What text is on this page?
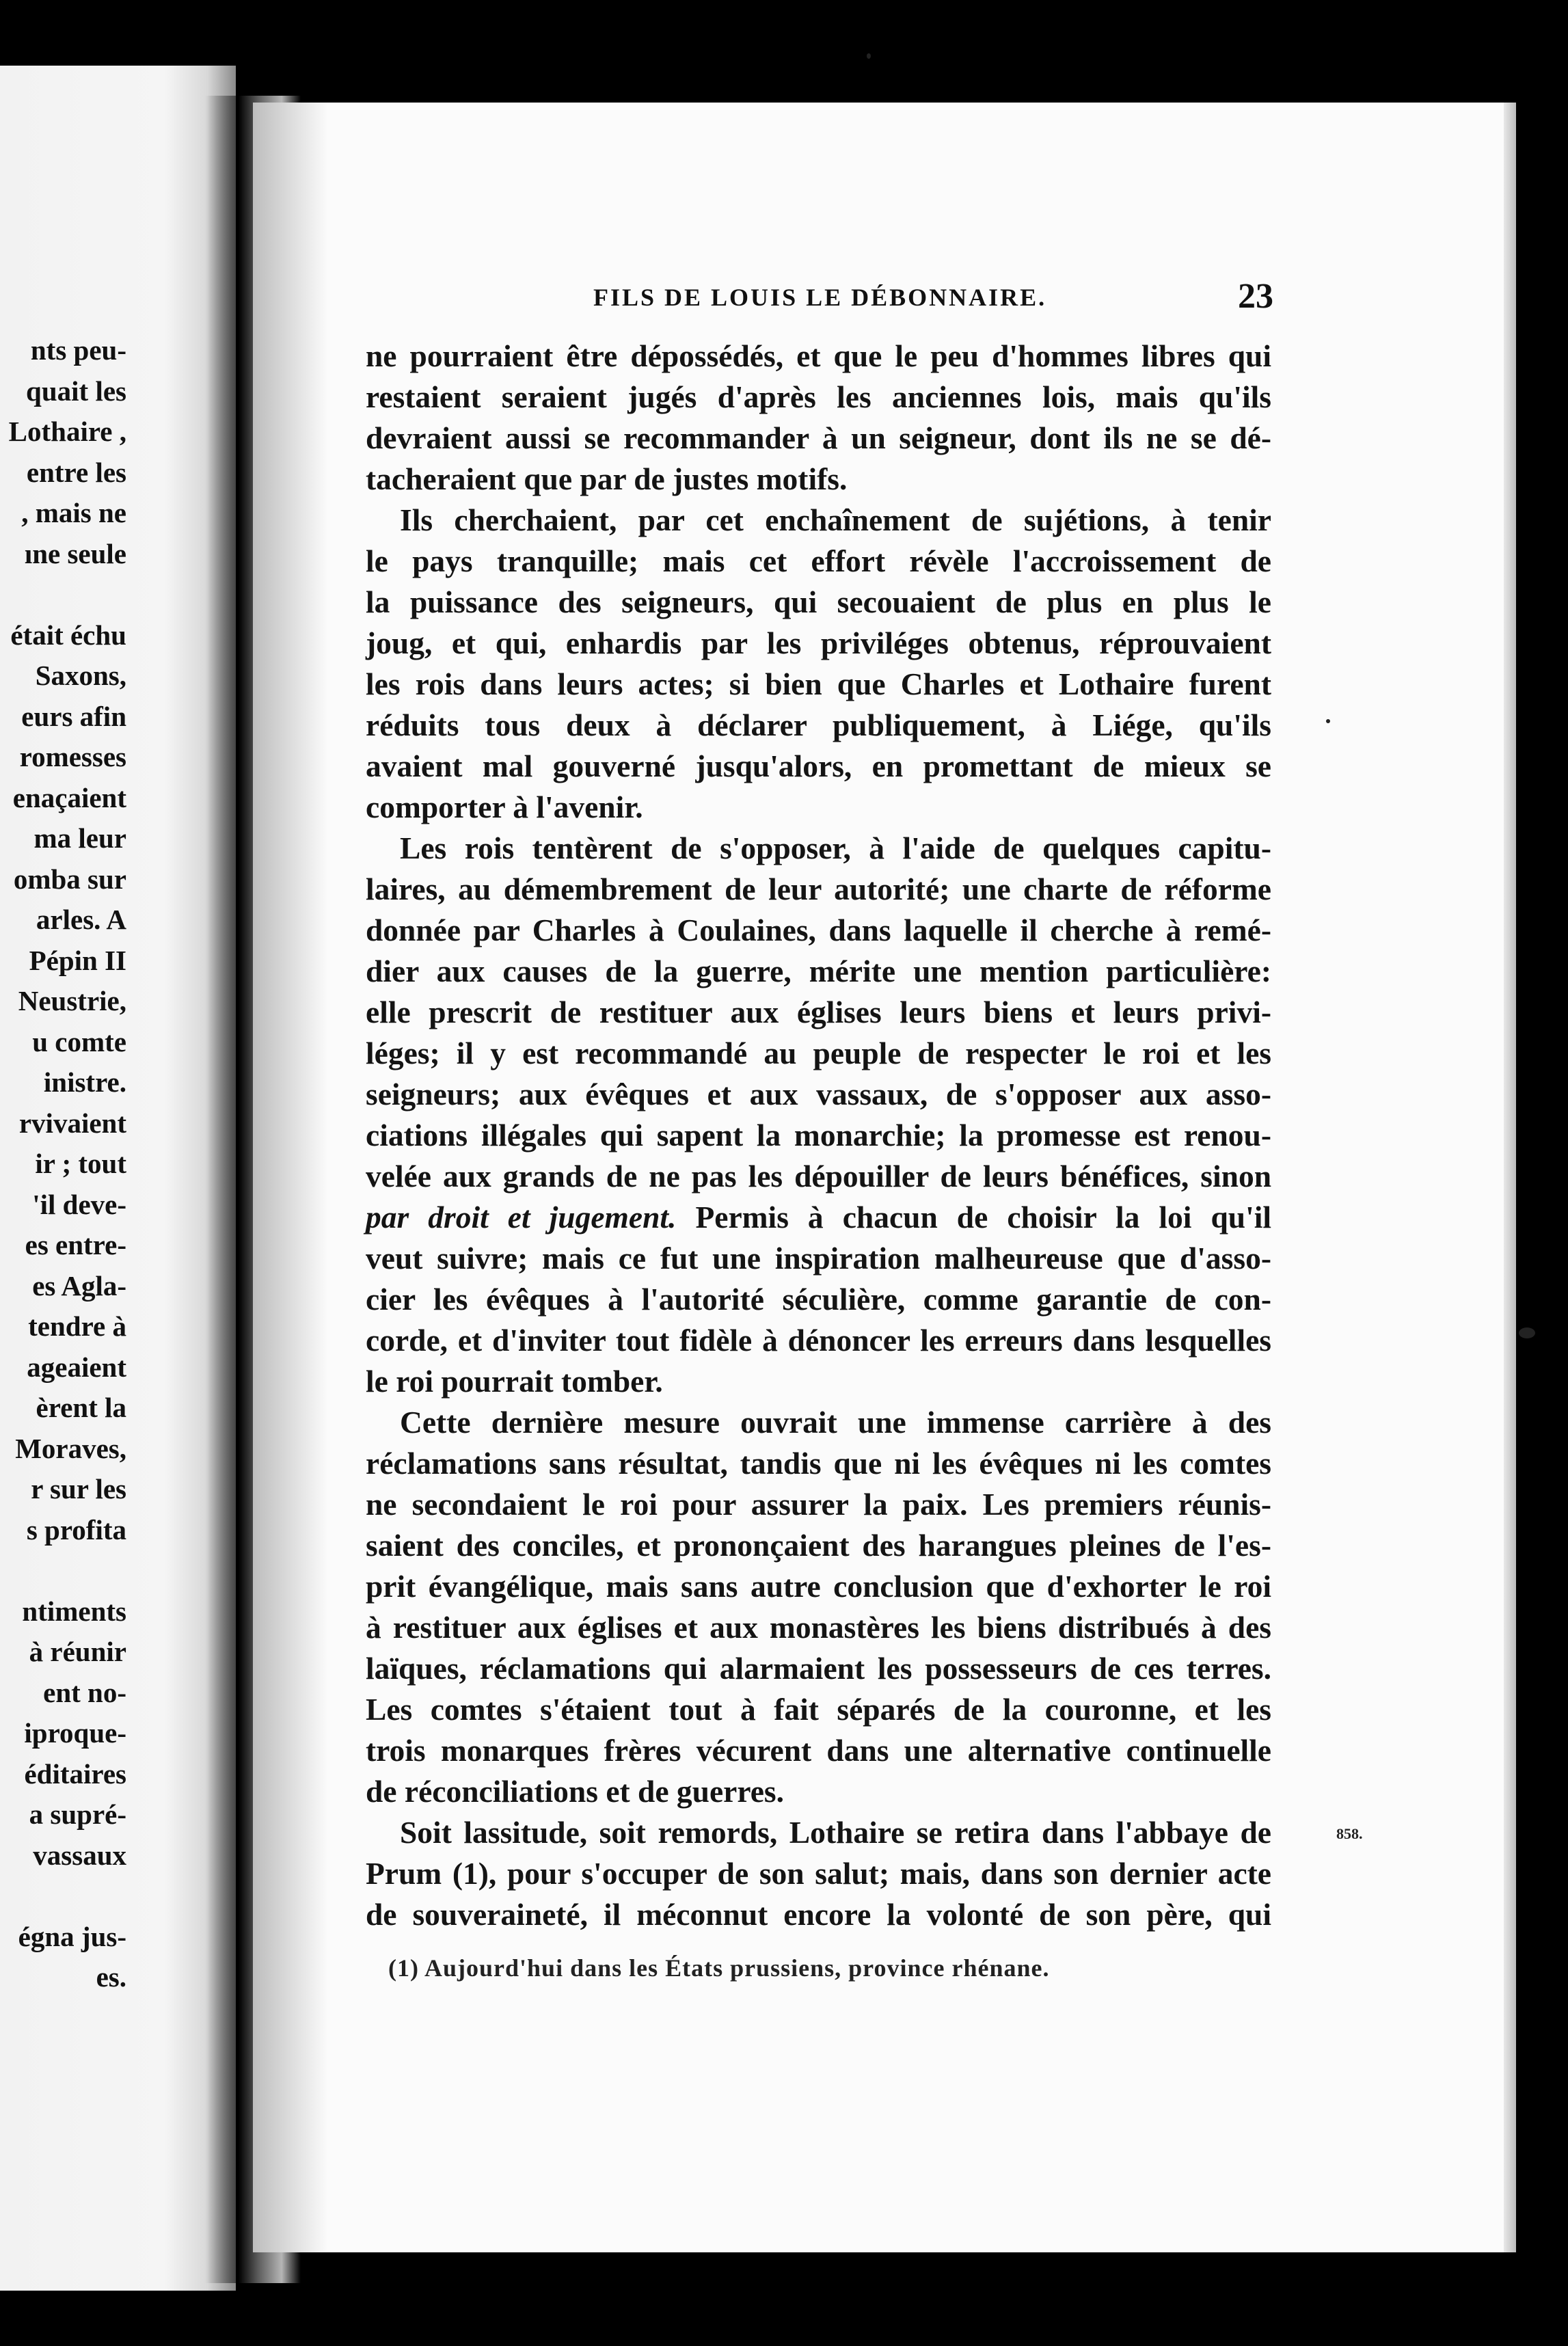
nts peu-
quait les
Lothaire ,
entre les
, mais ne
ıne seule
était échu
Saxons,
eurs afin
romesses
enaçaient
ma leur
omba sur
arles. A
Pépin II
Neustrie,
u comte
inistre.
rvivaient
ir ; tout
'il deve-
es entre-
es Agla-
tendre à
ageaient
èrent la
Moraves,
r sur les
s profita
ntiments
à réunir
ent no-
iproque-
éditaires
a supré-
vassaux
égna jus-
es.
FILS DE LOUIS LE DÉBONNAIRE.	23
ne pourraient être dépossédés, et que le peu d'hommes libres qui
restaient seraient jugés d'après les anciennes lois, mais qu'ils
devraient aussi se recommander à un seigneur, dont ils ne se dé-
tacheraient que par de justes motifs.
Ils cherchaient, par cet enchaînement de sujétions, à tenir
le pays tranquille; mais cet effort révèle l'accroissement de
la puissance des seigneurs, qui secouaient de plus en plus le
joug, et qui, enhardis par les priviléges obtenus, réprouvaient
les rois dans leurs actes; si bien que Charles et Lothaire furent
réduits tous deux à déclarer publiquement, à Liége, qu'ils
avaient mal gouverné jusqu'alors, en promettant de mieux se
comporter à l'avenir.
Les rois tentèrent de s'opposer, à l'aide de quelques capitu-
laires, au démembrement de leur autorité; une charte de réforme
donnée par Charles à Coulaines, dans laquelle il cherche à remé-
dier aux causes de la guerre, mérite une mention particulière:
elle prescrit de restituer aux églises leurs biens et leurs privi-
léges; il y est recommandé au peuple de respecter le roi et les
seigneurs; aux évêques et aux vassaux, de s'opposer aux asso-
ciations illégales qui sapent la monarchie; la promesse est renou-
velée aux grands de ne pas les dépouiller de leurs bénéfices, sinon
par droit et jugement. Permis à chacun de choisir la loi qu'il
veut suivre; mais ce fut une inspiration malheureuse que d'asso-
cier les évêques à l'autorité séculière, comme garantie de con-
corde, et d'inviter tout fidèle à dénoncer les erreurs dans lesquelles
le roi pourrait tomber.
Cette dernière mesure ouvrait une immense carrière à des
réclamations sans résultat, tandis que ni les évêques ni les comtes
ne secondaient le roi pour assurer la paix. Les premiers réunis-
saient des conciles, et prononçaient des harangues pleines de l'es-
prit évangélique, mais sans autre conclusion que d'exhorter le roi
à restituer aux églises et aux monastères les biens distribués à des
laïques, réclamations qui alarmaient les possesseurs de ces terres.
Les comtes s'étaient tout à fait séparés de la couronne, et les
trois monarques frères vécurent dans une alternative continuelle
de réconciliations et de guerres.
Soit lassitude, soit remords, Lothaire se retira dans l'abbaye de
Prum (1), pour s'occuper de son salut; mais, dans son dernier acte
de souveraineté, il méconnut encore la volonté de son père, qui
858.
(1) Aujourd'hui dans les États prussiens, province rhénane.
